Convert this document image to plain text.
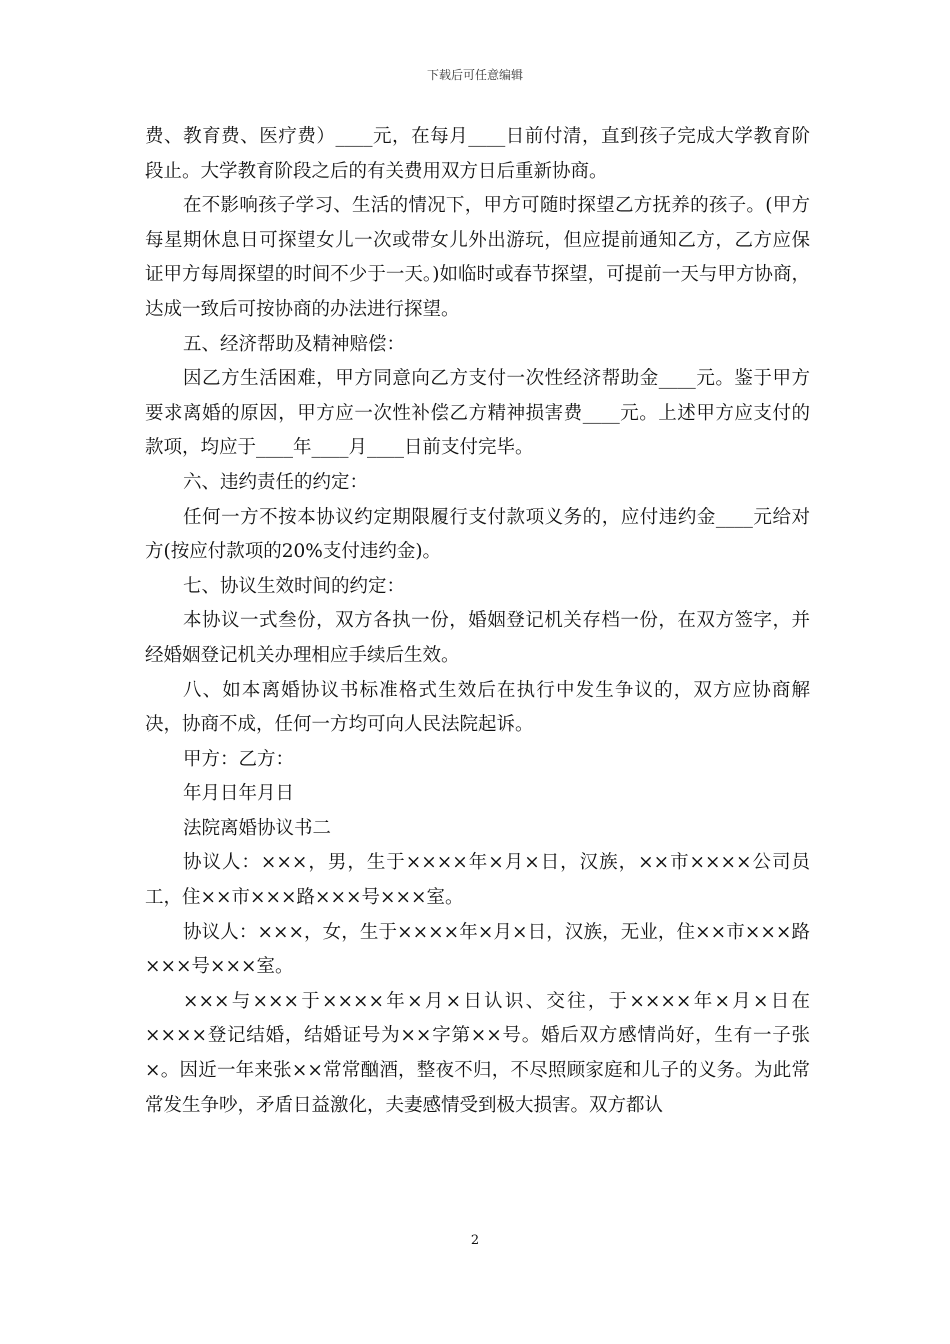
下载后可任意编辑

费、教育费、医疗费）____元，在每月____日前付清，直到孩子完成大学教育阶段止。大学教育阶段之后的有关费用双方日后重新协商。

在不影响孩子学习、生活的情况下，甲方可随时探望乙方抚养的孩子。(甲方每星期休息日可探望女儿一次或带女儿外出游玩，但应提前通知乙方，乙方应保证甲方每周探望的时间不少于一天。)如临时或春节探望，可提前一天与甲方协商，达成一致后可按协商的办法进行探望。

五、经济帮助及精神赔偿：

因乙方生活困难，甲方同意向乙方支付一次性经济帮助金____元。鉴于甲方要求离婚的原因，甲方应一次性补偿乙方精神损害费____元。上述甲方应支付的款项，均应于____年____月____日前支付完毕。

六、违约责任的约定：

任何一方不按本协议约定期限履行支付款项义务的，应付违约金____元给对方(按应付款项的20%支付违约金)。

七、协议生效时间的约定：

本协议一式叁份，双方各执一份，婚姻登记机关存档一份，在双方签字，并经婚姻登记机关办理相应手续后生效。

八、如本离婚协议书标准格式生效后在执行中发生争议的，双方应协商解决，协商不成，任何一方均可向人民法院起诉。

甲方：乙方：

年月日年月日

法院离婚协议书二

协议人：×××，男，生于××××年×月×日，汉族，××市××××公司员工，住××市×××路×××号×××室。

协议人：×××，女，生于××××年×月×日，汉族，无业，住××市×××路×××号×××室。

×××与×××于××××年×月×日认识、交往，于××××年×月×日在××××登记结婚，结婚证号为××字第××号。婚后双方感情尚好，生有一子张×。因近一年来张××常常酗酒，整夜不归，不尽照顾家庭和儿子的义务。为此常常发生争吵，矛盾日益激化，夫妻感情受到极大损害。双方都认

2
